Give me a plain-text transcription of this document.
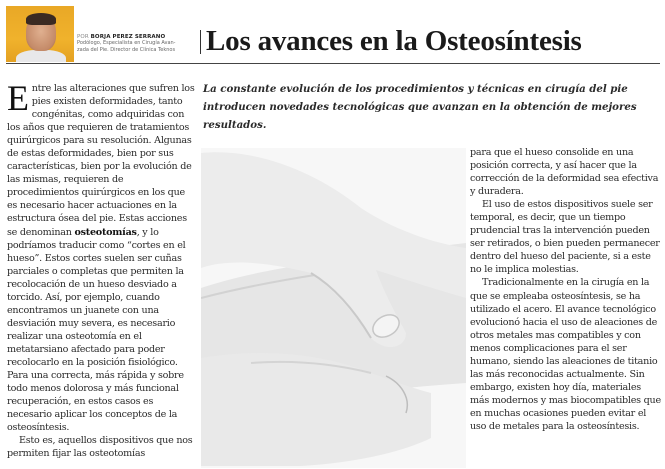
POR BORJA PEREZ SERRANO
Podólogo, Especialista en Cirugía Avan-
zada del Pie. Director de Clínica Teknos	Los avances en la Osteosíntesis

La constante evolución de los procedimientos y técnicas en cirugía del pie introducen novedades tecnológicas que avanzan en la obtención de mejores resultados.

Entre las alteraciones que sufren los pies existen deformidades, tanto congénitas, como adquiridas con los años que requieren de tratamientos quirúrgicos para su resolución. Algunas de estas deformidades, bien por sus características, bien por la evolución de las mismas, requieren de procedimientos quirúrgicos en los que es necesario hacer actuaciones en la estructura ósea del pie. Estas acciones se denominan osteotomías, y lo podríamos traducir como “cortes en el hueso”. Estos cortes suelen ser cuñas parciales o completas que permiten la recolocación de un hueso desviado a torcido. Así, por ejemplo, cuando encontramos un juanete con una desviación muy severa, es necesario realizar una osteotomía en el metatarsiano afectado para poder recolocarlo en la posición fisiológico. Para una correcta, más rápida y sobre todo menos dolorosa y más funcional recuperación, en estos casos es necesario aplicar los conceptos de la osteosíntesis.

Esto es, aquellos dispositivos que nos permiten fijar las osteotomías

para que el hueso consolide en una posición correcta, y así hacer que la corrección de la deformidad sea efectiva y duradera.

El uso de estos dispositivos suele ser temporal, es decir, que un tiempo prudencial tras la intervención pueden ser retirados, o bien pueden permanecer dentro del hueso del paciente, si a este no le implica molestias.

Tradicionalmente en la cirugía en la que se empleaba osteosíntesis, se ha utilizado el acero. El avance tecnológico evolucionó hacia el uso de aleaciones de otros metales mas compatibles y con menos complicaciones para el ser humano, siendo las aleaciones de titanio las más reconocidas actualmente. Sin embargo, existen hoy día, materiales más modernos y mas biocompatibles que en muchas ocasiones pueden evitar el uso de metales para la osteosíntesis.
